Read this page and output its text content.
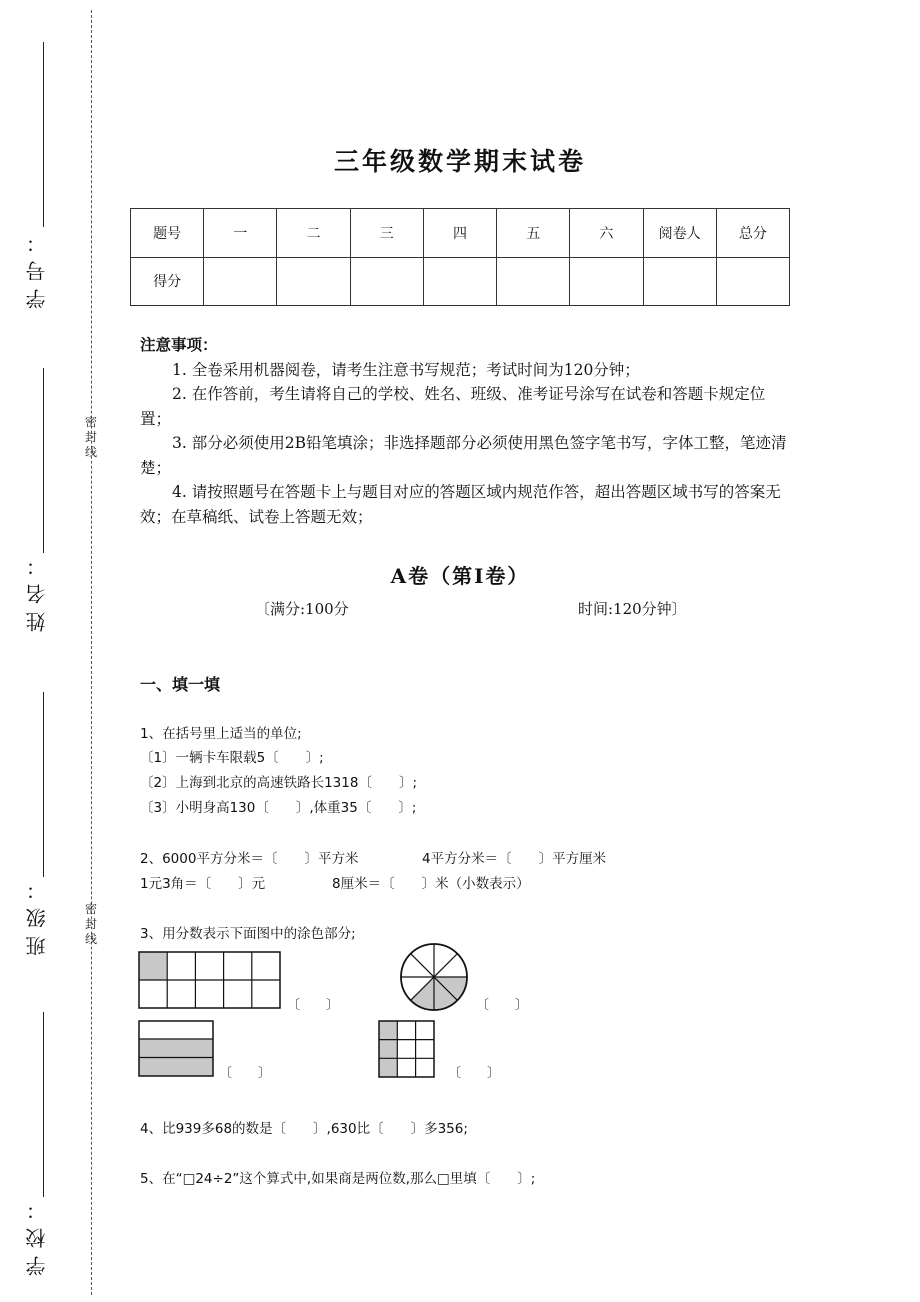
学号：
姓名：
班级：
学校：
密封线
密封线
三年级数学期末试卷
题号	一	二	三	四	五	六	阅卷人	总分
得分								
注意事项：
1. 全卷采用机器阅卷，请考生注意书写规范；考试时间为120分钟；
2. 在作答前，考生请将自己的学校、姓名、班级、准考证号涂写在试卷和答题卡规定位置；
3. 部分必须使用2B铅笔填涂；非选择题部分必须使用黑色签字笔书写，字体工整，笔迹清楚；
4. 请按照题号在答题卡上与题目对应的答题区域内规范作答，超出答题区域书写的答案无效；在草稿纸、试卷上答题无效；
A卷（第I卷）
〔满分:100分	时间:120分钟〕
一、填一填
1、在括号里上适当的单位;
〔1〕一辆卡车限载5〔　　〕;
〔2〕上海到北京的高速铁路长1318〔　　〕;
〔3〕小明身高130〔　　〕,体重35〔　　〕;
2、6000平方分米＝〔　　〕平方米	4平方分米＝〔　　〕平方厘米
1元3角＝〔　　〕元	8厘米＝〔　　〕米（小数表示）
3、用分数表示下面图中的涂色部分;
〔　　〕	〔　　〕
〔　　〕	〔　　〕
4、比939多68的数是〔　　〕,630比〔　　〕多356;
5、在“□24÷2”这个算式中,如果商是两位数,那么□里填〔　　〕;
